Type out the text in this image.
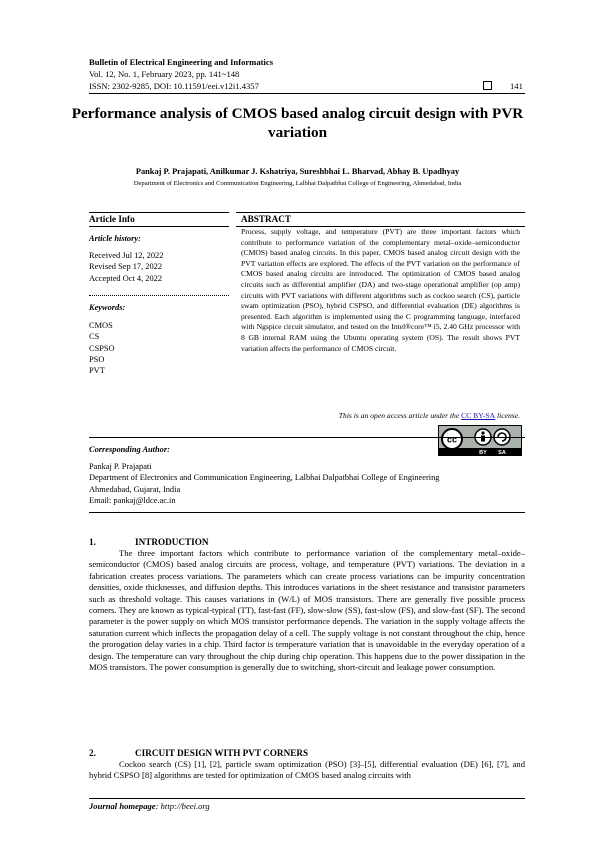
Bulletin of Electrical Engineering and Informatics
Vol. 12, No. 1, February 2023, pp. 141~148
ISSN: 2302-9285, DOI: 10.11591/eei.v12i1.4357	141
Performance analysis of CMOS based analog circuit design with PVR variation
Pankaj P. Prajapati, Anilkumar J. Kshatriya, Sureshbhai L. Bharvad, Abhay B. Upadhyay
Department of Electronics and Communication Engineering, Lalbhai Dalpatbhai College of Engineering, Ahmedabad, India
Article Info
Article history:
Received Jul 12, 2022
Revised Sep 17, 2022
Accepted Oct 4, 2022
Keywords:
CMOS
CS
CSPSO
PSO
PVT
ABSTRACT
Process, supply voltage, and temperature (PVT) are three important factors which contribute to performance variation of the complementary metal–oxide–semiconductor (CMOS) based analog circuits. In this paper, CMOS based analog circuit design with the PVT variation effects are explored. The effects of the PVT variation on the performance of CMOS based analog circuits are introduced. The optimization of CMOS based analog circuits such as differential amplifier (DA) and two-stage operational amplifier (op amp) circuits with PVT variations with different algorithms such as cockoo search (CS), particle swam optimization (PSO), hybrid CSPSO, and differential evaluation (DE) algorithms is presented. Each algorithm is implemented using the C programming language, interfaced with Ngspice circuit simulator, and tested on the Intel®core™ i5, 2.40 GHz processor with 8 GB internal RAM using the Ubuntu operating system (OS). The result shows PVT variation affects the performance of CMOS circuit.
This is an open access article under the CC BY-SA license.
cc
BY SA
Corresponding Author:
Pankaj P. Prajapati
Department of Electronics and Communication Engineering, Lalbhai Dalpatbhai College of Engineering
Ahmedabad, Gujarat, India
Email: pankaj@ldce.ac.in
1.	INTRODUCTION
The three important factors which contribute to performance variation of the complementary metal–oxide–semiconductor (CMOS) based analog circuits are process, voltage, and temperature (PVT) variations. The deviation in a fabrication creates process variations. The parameters which can create process variations can be impurity concentration densities, oxide thicknesses, and diffusion depths. This introduces variations in the sheet resistance and transistor parameters such as threshold voltage. This causes variations in (W/L) of MOS transistors. There are generally five possible process corners. They are known as typical-typical (TT), fast-fast (FF), slow-slow (SS), fast-slow (FS), and slow-fast (SF). The second parameter is the power supply on which MOS transistor performance depends. The variation in the supply voltage affects the saturation current which inflects the propagation delay of a cell. The supply voltage is not constant throughout the chip, hence the prorogation delay varies in a chip. Third factor is temperature variation that is unavoidable in the everyday operation of a design. The temperature can vary throughout the chip during chip operation. This happens due to the power dissipation in the MOS transistors. The power consumption is generally due to switching, short-circuit and leakage power consumption.
2.	CIRCUIT DESIGN WITH PVT CORNERS
Cockoo search (CS) [1], [2], particle swam optimization (PSO) [3]–[5], differential evaluation (DE) [6], [7], and hybrid CSPSO [8] algorithms are tested for optimization of CMOS based analog circuits with
Journal homepage: http://beei.org
